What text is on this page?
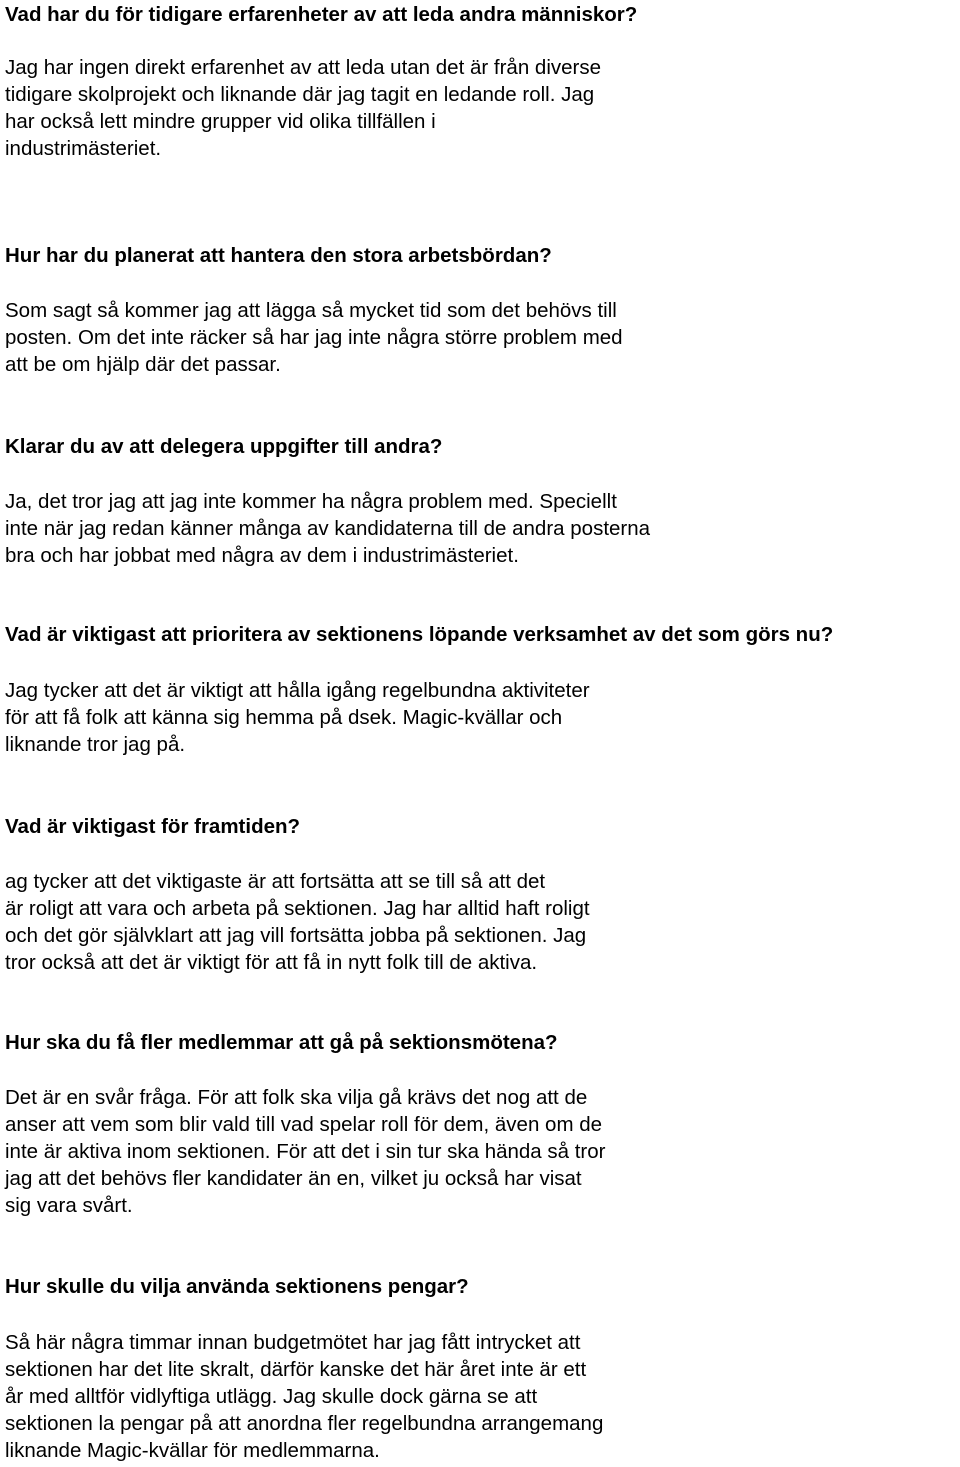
Vad har du för tidigare erfarenheter av att leda andra människor?
Jag har ingen direkt erfarenhet av att leda utan det är från diverse
tidigare skolprojekt och liknande där jag tagit en ledande roll. Jag
har också lett mindre grupper vid olika tillfällen i
industrimästeriet.
Hur har du planerat att hantera den stora arbetsbördan?
Som sagt så kommer jag att lägga så mycket tid som det behövs till
posten. Om det inte räcker så har jag inte några större problem med
att be om hjälp där det passar.
Klarar du av att delegera uppgifter till andra?
Ja, det tror jag att jag inte kommer ha några problem med. Speciellt
inte när jag redan känner många av kandidaterna till de andra posterna
bra och har jobbat med några av dem i industrimästeriet.
Vad är viktigast att prioritera av sektionens löpande verksamhet av det som görs nu?
Jag tycker att det är viktigt att hålla igång regelbundna aktiviteter
för att få folk att känna sig hemma på dsek. Magic-kvällar och
liknande tror jag på.
Vad är viktigast för framtiden?
ag tycker att det viktigaste är att fortsätta att se till så att det
är roligt att vara och arbeta på sektionen. Jag har alltid haft roligt
och det gör självklart att jag vill fortsätta jobba på sektionen. Jag
tror också att det är viktigt för att få in nytt folk till de aktiva.
Hur ska du få fler medlemmar att gå på sektionsmötena?
Det är en svår fråga. För att folk ska vilja gå krävs det nog att de
anser att vem som blir vald till vad spelar roll för dem, även om de
inte är aktiva inom sektionen. För att det i sin tur ska hända så tror
jag att det behövs fler kandidater än en, vilket ju också har visat
sig vara svårt.
Hur skulle du vilja använda sektionens pengar?
Så här några timmar innan budgetmötet har jag fått intrycket att
sektionen har det lite skralt, därför kanske det här året inte är ett
år med alltför vidlyftiga utlägg. Jag skulle dock gärna se att
sektionen la pengar på att anordna fler regelbundna arrangemang
liknande Magic-kvällar för medlemmarna.
